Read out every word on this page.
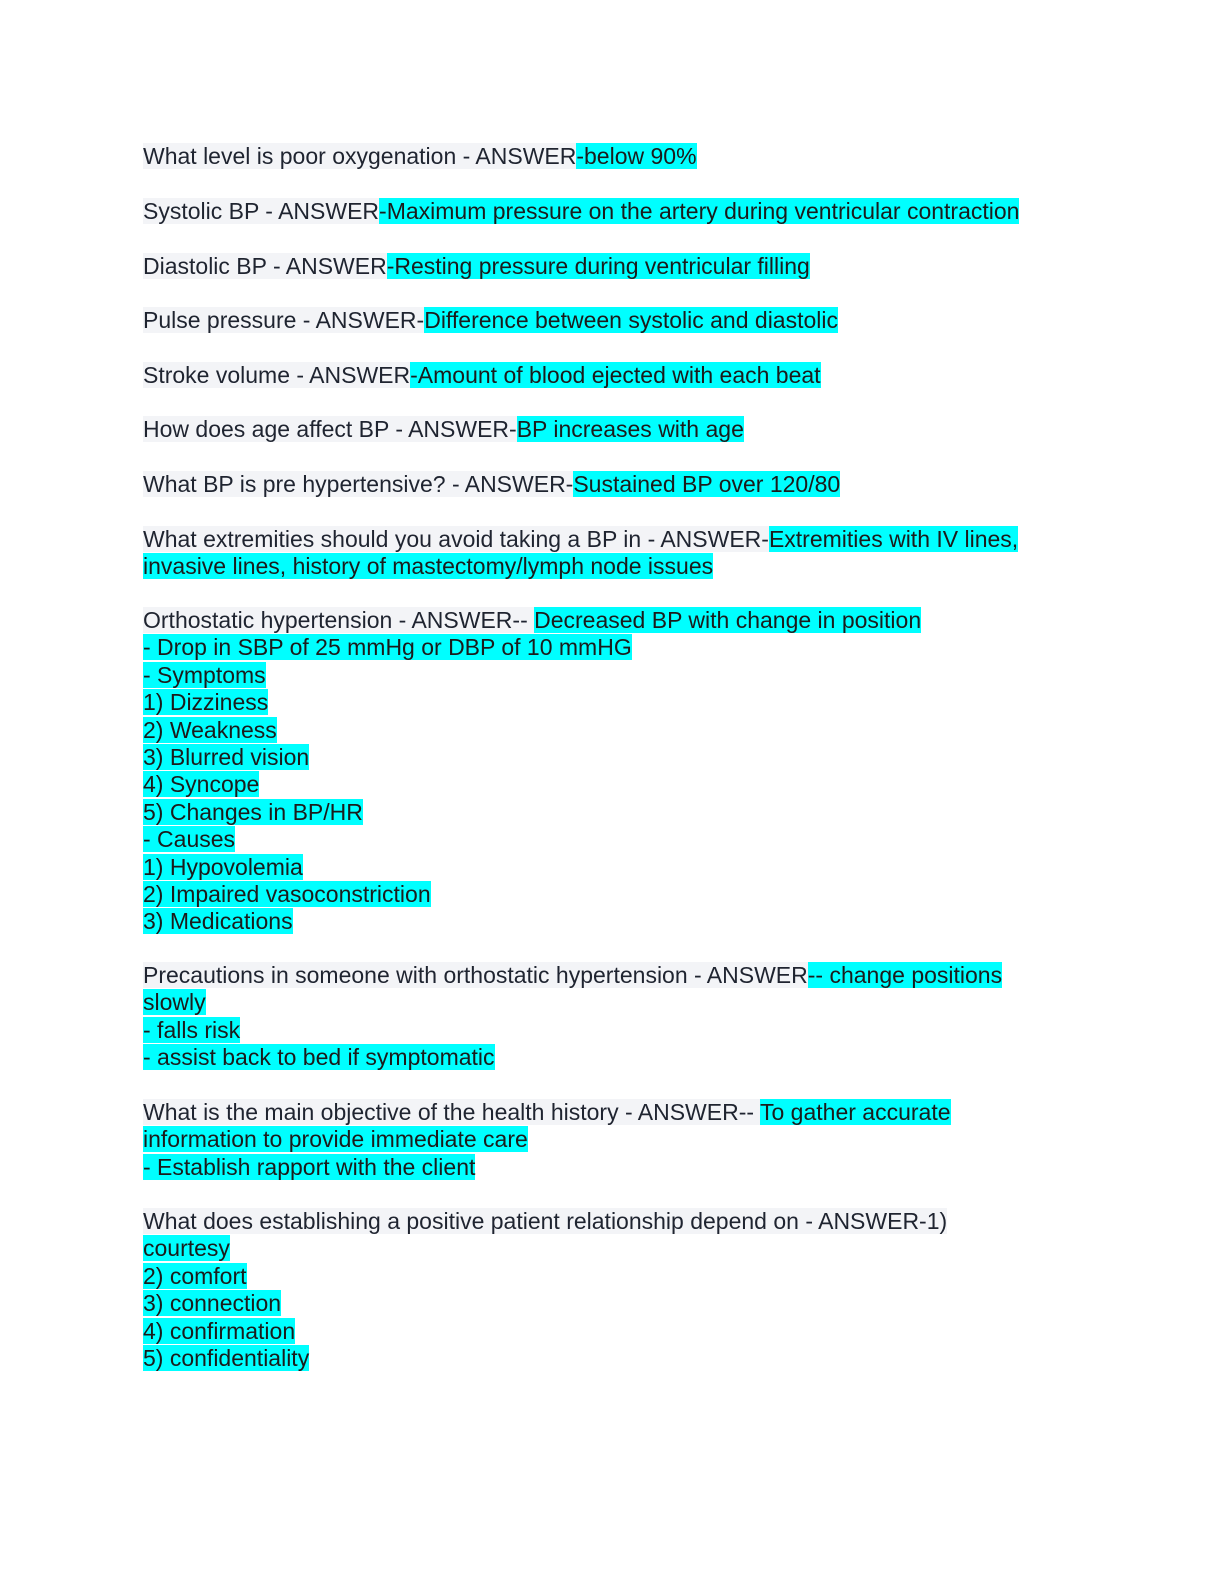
What level is poor oxygenation - ANSWER-below 90%
Systolic BP - ANSWER-Maximum pressure on the artery during ventricular contraction
Diastolic BP - ANSWER-Resting pressure during ventricular filling
Pulse pressure - ANSWER-Difference between systolic and diastolic
Stroke volume - ANSWER-Amount of blood ejected with each beat
How does age affect BP - ANSWER-BP increases with age
What BP is pre hypertensive? - ANSWER-Sustained BP over 120/80
What extremities should you avoid taking a BP in - ANSWER-Extremities with IV lines,
invasive lines, history of mastectomy/lymph node issues
Orthostatic hypertension - ANSWER-- Decreased BP with change in position
- Drop in SBP of 25 mmHg or DBP of 10 mmHG
- Symptoms
1) Dizziness
2) Weakness
3) Blurred vision
4) Syncope
5) Changes in BP/HR
- Causes
1) Hypovolemia
2) Impaired vasoconstriction
3) Medications
Precautions in someone with orthostatic hypertension - ANSWER-- change positions
slowly
- falls risk
- assist back to bed if symptomatic
What is the main objective of the health history - ANSWER-- To gather accurate
information to provide immediate care
- Establish rapport with the client
What does establishing a positive patient relationship depend on - ANSWER-1)
courtesy
2) comfort
3) connection
4) confirmation
5) confidentiality
